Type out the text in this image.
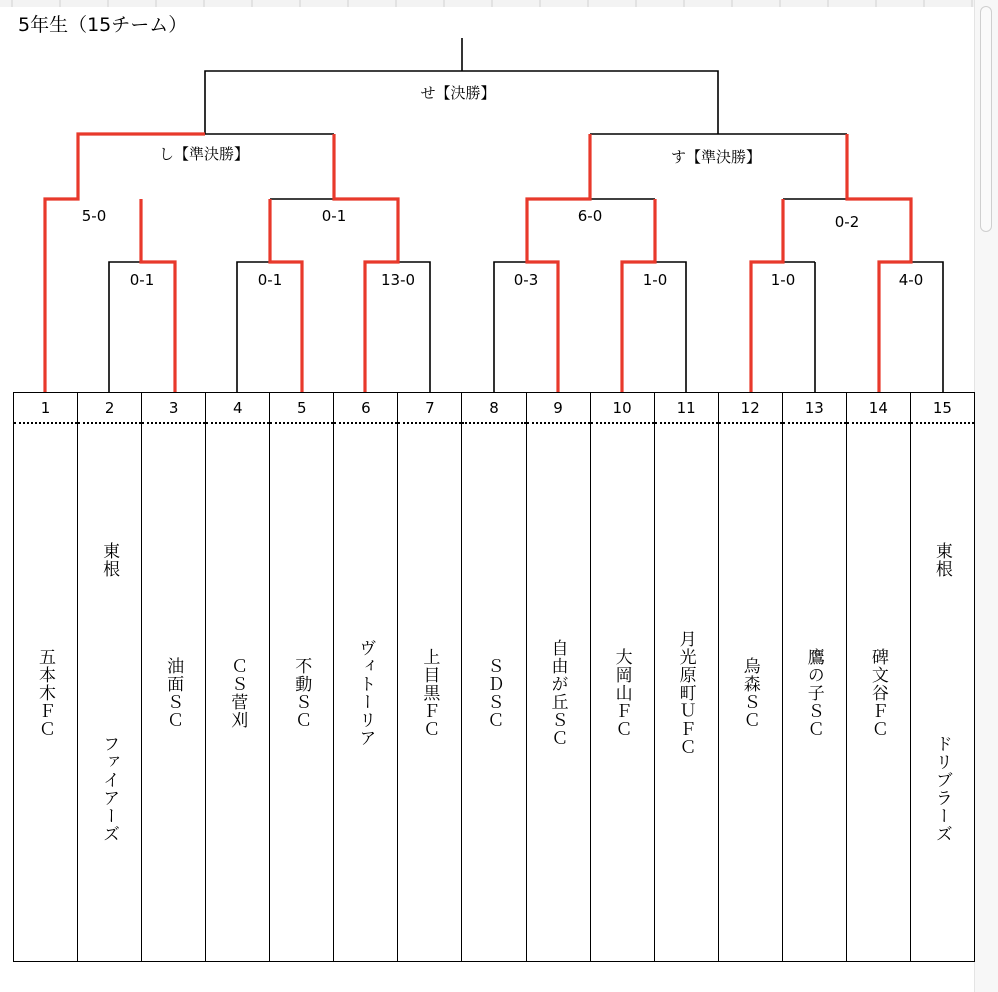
5年生（15チーム）
せ【決勝】
し【準決勝】	す【準決勝】
5-0	0-1	6-0	0-2
0-1	0-1	13-0	0-3	1-0	1-0	4-0
1
五本木ＦＣ
2
東根
ファイアーズ
3
油面ＳＣ
4
ＣＳ菅刈
5
不動ＳＣ
6
ヴィトーリア
7
上目黒ＦＣ
8
ＳＤＳＣ
9
自由が丘ＳＣ
10
大岡山ＦＣ
11
月光原町ＵＦＣ
12
烏森ＳＣ
13
鷹の子ＳＣ
14
碑文谷ＦＣ
15
東根
ドリブラーズ
